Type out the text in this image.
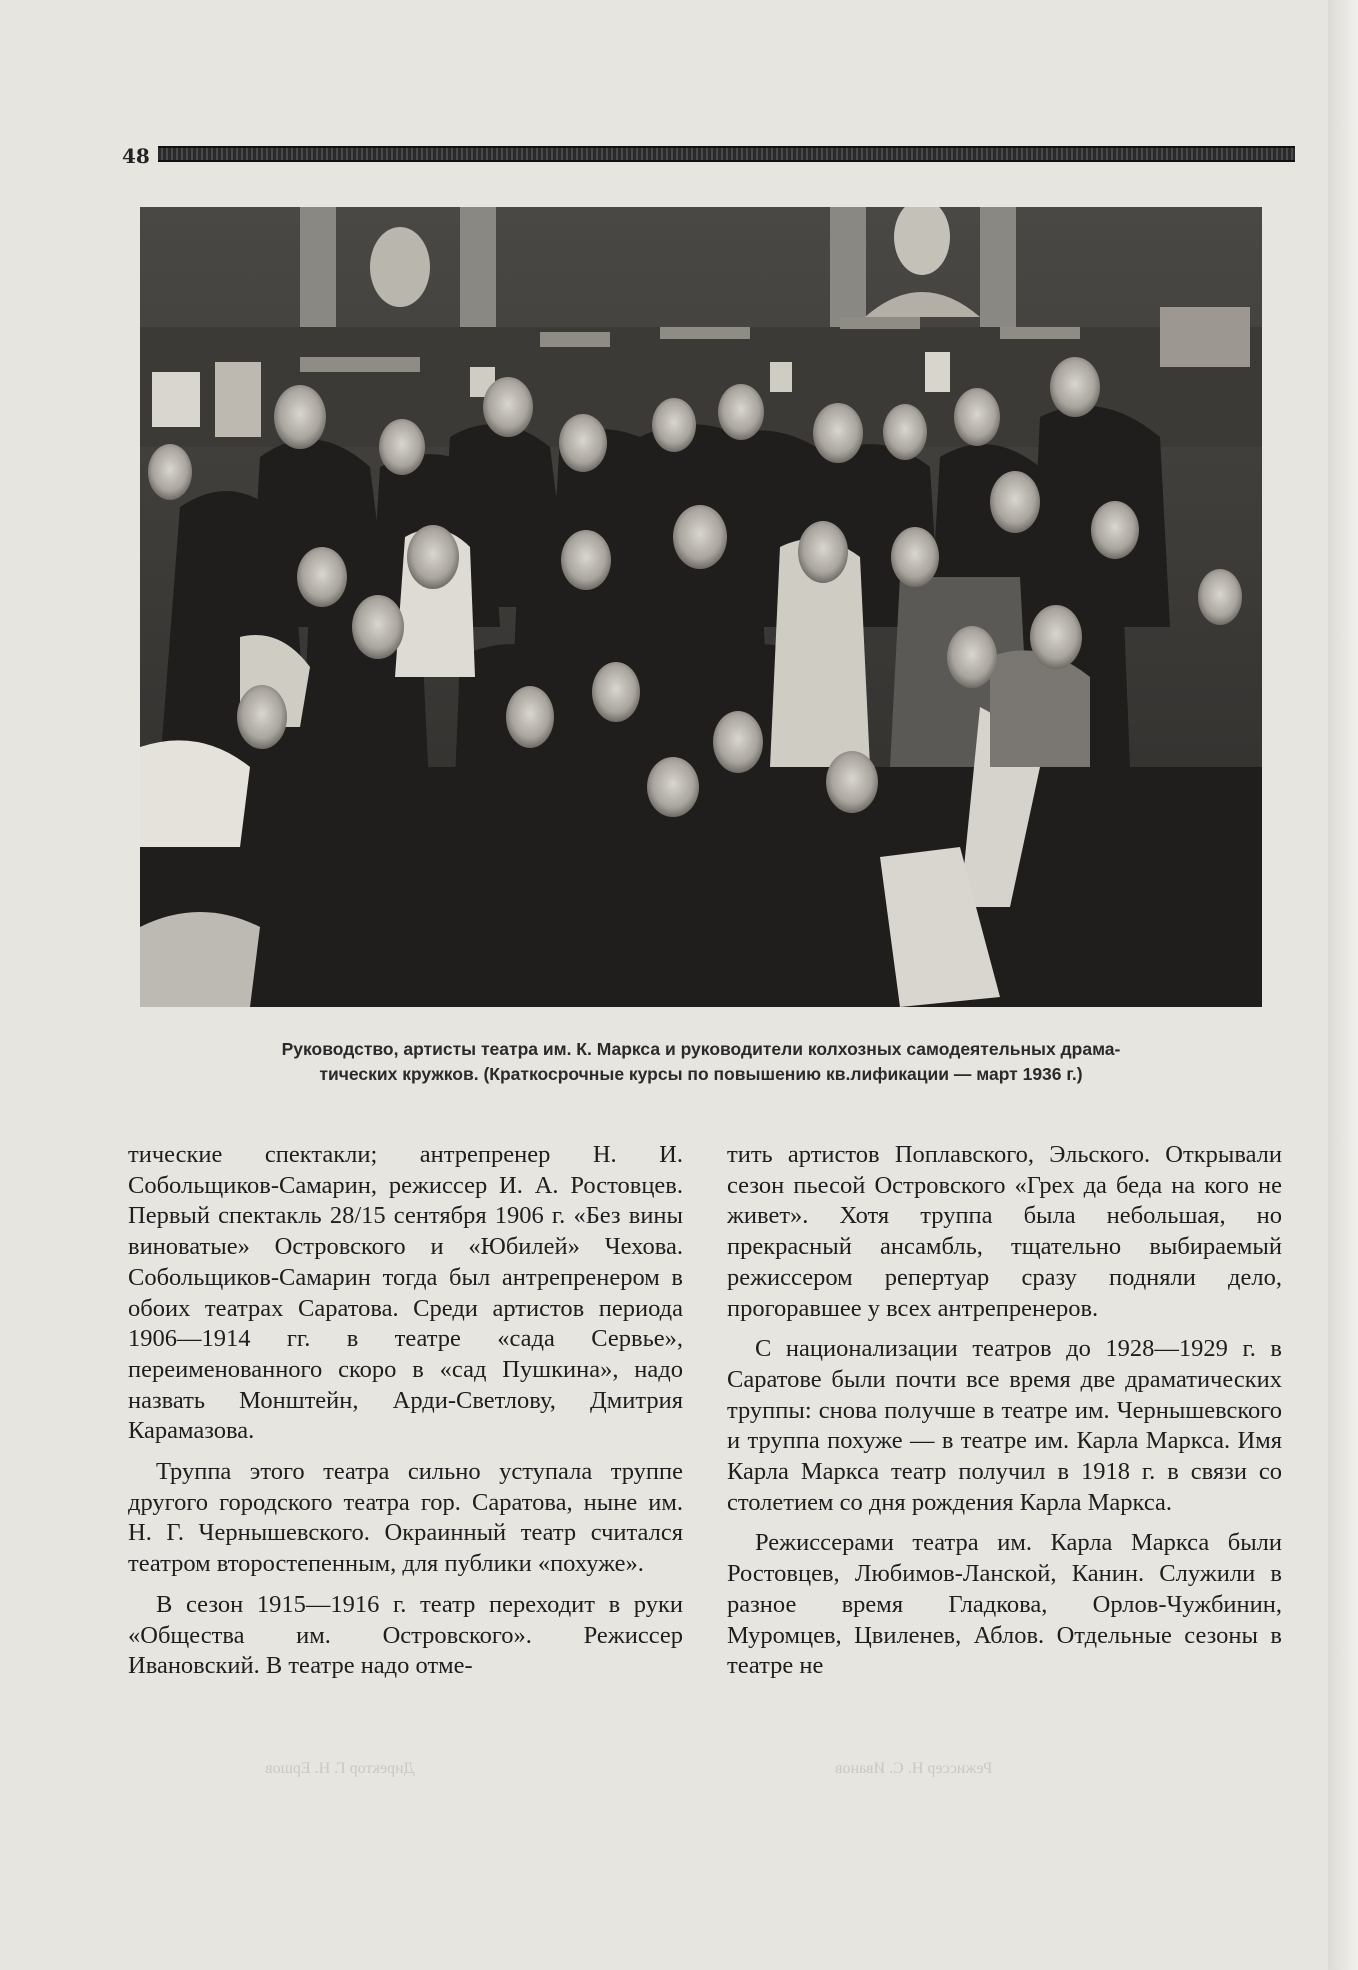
48
Руководство, артисты театра им. К. Маркса и руководители колхозных самодеятельных драма-
тических кружков. (Краткосрочные курсы по повышению кв.лификации — март 1936 г.)

тические спектакли; антрепренер Н. И. Собольщиков-Самарин, режиссер И. А. Ростовцев. Первый спектакль 28/15 сентября 1906 г. «Без вины виноватые» Островского и «Юбилей» Чехова. Собольщиков-Самарин тогда был антрепренером в обоих театрах Саратова. Среди артистов периода 1906—1914 гг. в театре «сада Сервье», переименованного скоро в «сад Пушкина», надо назвать Монштейн, Арди-Светлову, Дмитрия Карамазова.

Труппа этого театра сильно уступала труппе другого городского театра гор. Саратова, ныне им. Н. Г. Чернышевского. Окраинный театр считался театром второстепенным, для публики «похуже».

В сезон 1915—1916 г. театр переходит в руки «Общества им. Островского». Режиссер Ивановский. В театре надо отме-

тить артистов Поплавского, Эльского. Открывали сезон пьесой Островского «Грех да беда на кого не живет». Хотя труппа была небольшая, но прекрасный ансамбль, тщательно выбираемый режиссером репертуар сразу подняли дело, прогоравшее у всех антрепренеров.

С национализации театров до 1928—1929 г. в Саратове были почти все время две драматических труппы: снова получше в театре им. Чернышевского и труппа похуже — в театре им. Карла Маркса. Имя Карла Маркса театр получил в 1918 г. в связи со столетием со дня рождения Карла Маркса.

Режиссерами театра им. Карла Маркса были Ростовцев, Любимов-Ланской, Канин. Служили в разное время Гладкова, Орлов-Чужбинин, Муромцев, Цвиленев, Аблов. Отдельные сезоны в театре не

Директор Г. Н. Ершов	Режиссер Н. С. Иванов
